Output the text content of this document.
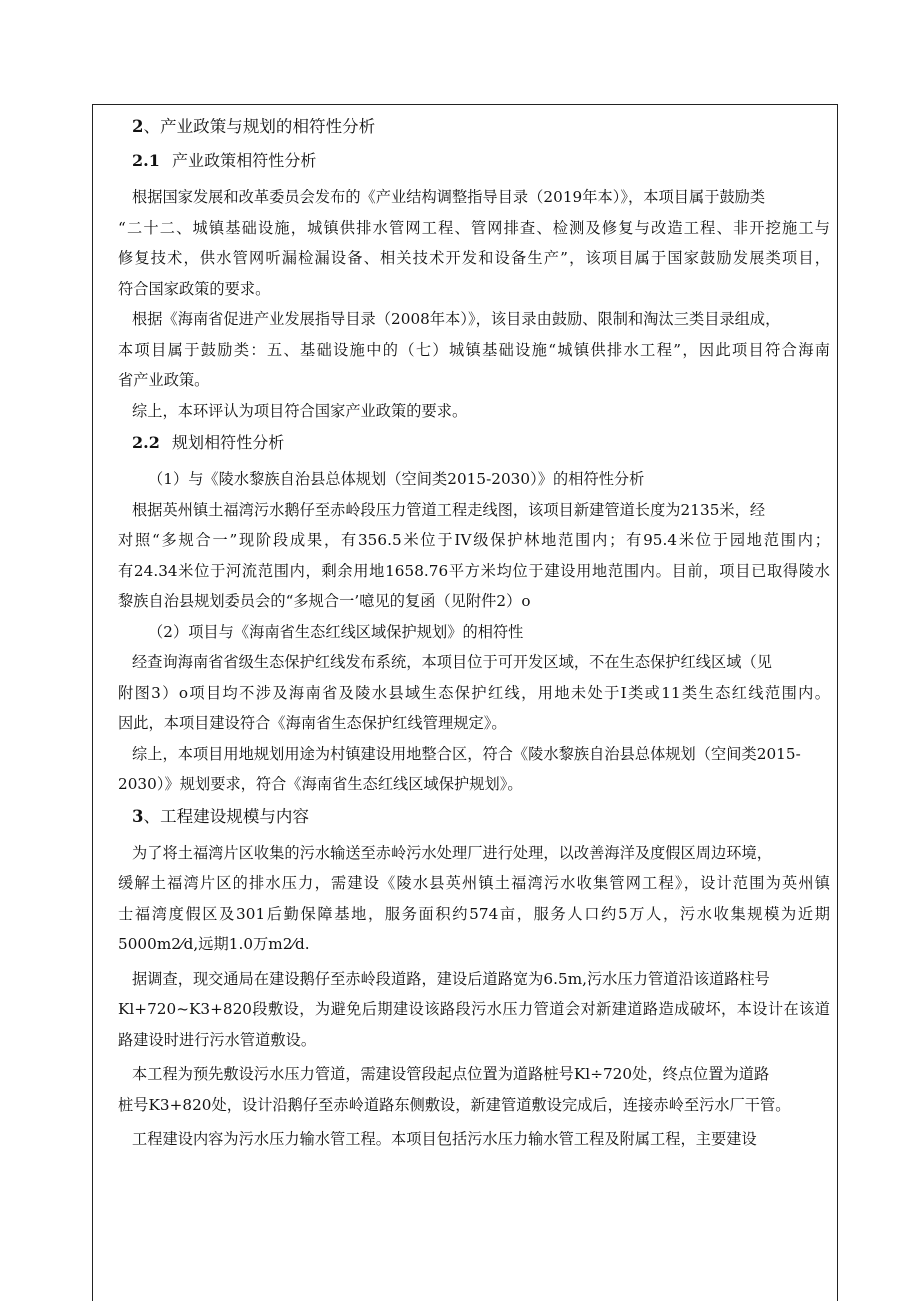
2、产业政策与规划的相符性分析
2.1 产业政策相符性分析
根据国家发展和改革委员会发布的《产业结构调整指导目录（2019年本）》，本项目属于鼓励类
“二十二、城镇基础设施，城镇供排水管网工程、管网排查、检测及修复与改造工程、非开挖施工与
修复技术，供水管网听漏检漏设备、相关技术开发和设备生产”，该项目属于国家鼓励发展类项目，
符合国家政策的要求。
根据《海南省促进产业发展指导目录（2008年本）》，该目录由鼓励、限制和淘汰三类目录组成，
本项目属于鼓励类：五、基础设施中的（七）城镇基础设施“城镇供排水工程”，因此项目符合海南
省产业政策。
综上，本环评认为项目符合国家产业政策的要求。
2.2 规划相符性分析
（1）与《陵水黎族自治县总体规划（空间类2015-2030）》的相符性分析
根据英州镇土福湾污水鹅仔至赤岭段压力管道工程走线图，该项目新建管道长度为2135米，经
对照“多规合一”现阶段成果，有356.5米位于IV级保护林地范围内；有95.4米位于园地范围内；
有24.34米位于河流范围内，剩余用地1658.76平方米均位于建设用地范围内。目前，项目已取得陵水
黎族自治县规划委员会的“多规合一’噫见的复函（见附件2）o
（2）项目与《海南省生态红线区域保护规划》的相符性
经查询海南省省级生态保护红线发布系统，本项目位于可开发区域，不在生态保护红线区域（见
附图3）o项目均不涉及海南省及陵水县域生态保护红线，用地未处于I类或11类生态红线范围内。
因此，本项目建设符合《海南省生态保护红线管理规定》。
综上，本项目用地规划用途为村镇建设用地整合区，符合《陵水黎族自治县总体规划（空间类2015-
2030）》规划要求，符合《海南省生态红线区域保护规划》。
3、工程建设规模与内容
为了将土福湾片区收集的污水输送至赤岭污水处理厂进行处理，以改善海洋及度假区周边环境，
缓解土福湾片区的排水压力，需建设《陵水县英州镇土福湾污水收集管网工程》，设计范围为英州镇
士福湾度假区及301后勤保障基地，服务面积约574亩，服务人口约5万人，污水收集规模为近期
5000m2⁄d,远期1.0万m2⁄d.
据调查，现交通局在建设鹅仔至赤岭段道路，建设后道路宽为6.5m,污水压力管道沿该道路柱号
Kl+720~K3+820段敷设，为避免后期建设该路段污水压力管道会对新建道路造成破坏，本设计在该道
路建设时进行污水管道敷设。
本工程为预先敷设污水压力管道，需建设管段起点位置为道路桩号Kl÷720处，终点位置为道路
桩号K3+820处，设计沿鹅仔至赤岭道路东侧敷设，新建管道敷设完成后，连接赤岭至污水厂干管。
工程建设内容为污水压力输水管工程。本项目包括污水压力输水管工程及附属工程，主要建设
